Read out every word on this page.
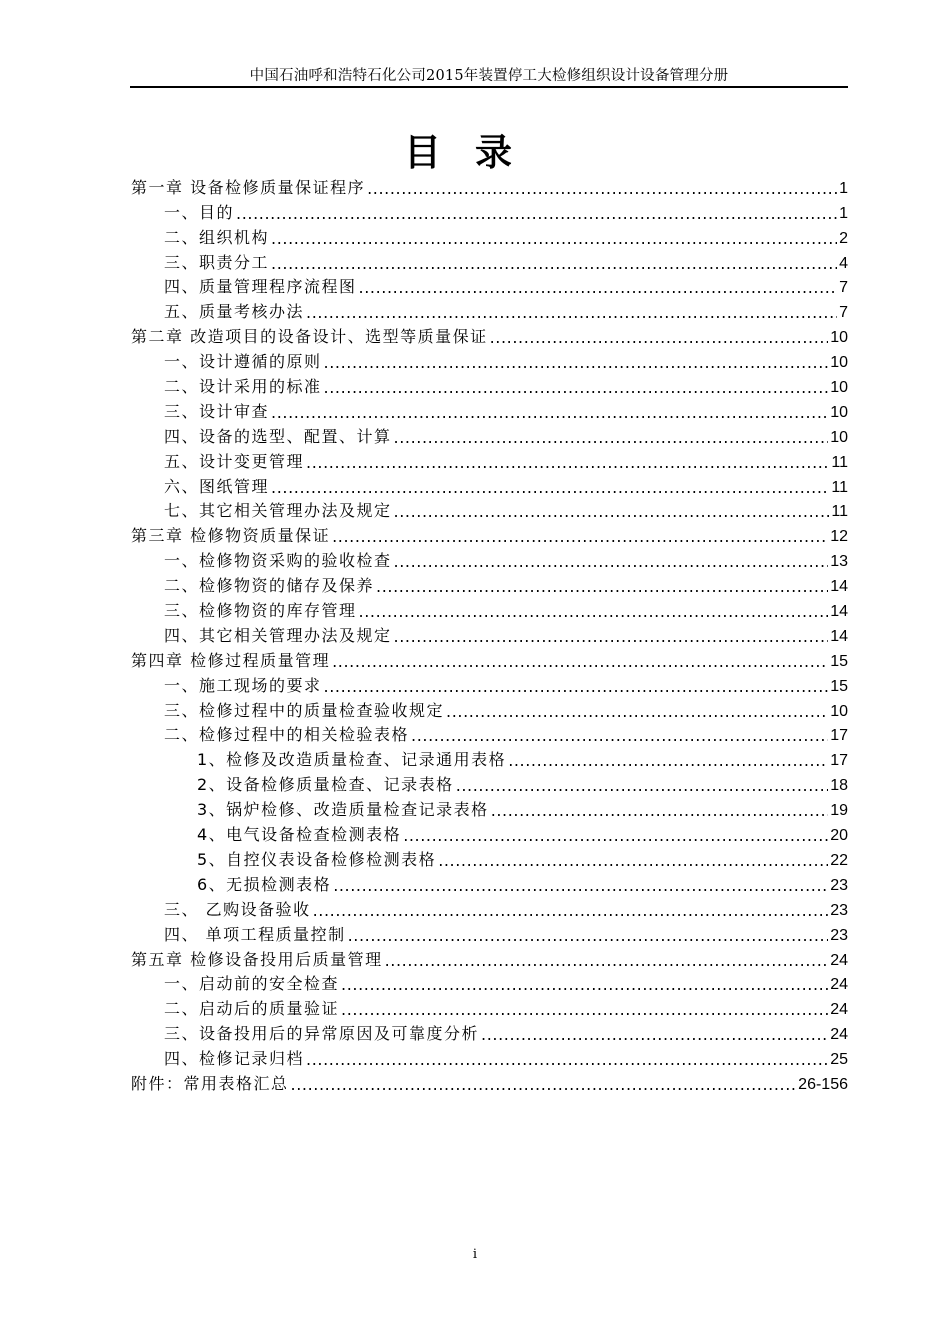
中国石油呼和浩特石化公司2015年装置停工大检修组织设计设备管理分册
目录
第一章 设备检修质量保证程序 .....	1
一、目的 .....	1
二、组织机构 .....	2
三、职责分工 .....	4
四、质量管理程序流程图 .....	7
五、质量考核办法 .....	7
第二章 改造项目的设备设计、选型等质量保证 .....	10
一、设计遵循的原则 .....	10
二、设计采用的标准 .....	10
三、设计审查 .....	10
四、设备的选型、配置、计算 .....	10
五、设计变更管理 .....	11
六、图纸管理 .....	11
七、其它相关管理办法及规定 .....	11
第三章 检修物资质量保证 .....	12
一、检修物资采购的验收检查 .....	13
二、检修物资的储存及保养 .....	14
三、检修物资的库存管理 .....	14
四、其它相关管理办法及规定 .....	14
第四章 检修过程质量管理 .....	15
一、施工现场的要求 .....	15
三、检修过程中的质量检查验收规定 .....	10
二、检修过程中的相关检验表格 .....	17
1、检修及改造质量检查、记录通用表格 .....	17
2、设备检修质量检查、记录表格 .....	18
3、锅炉检修、改造质量检查记录表格 .....	19
4、电气设备检查检测表格 .....	20
5、自控仪表设备检修检测表格 .....	22
6、无损检测表格 .....	23
三、 乙购设备验收 .....	23
四、 单项工程质量控制 .....	23
第五章 检修设备投用后质量管理 .....	24
一、启动前的安全检查 .....	24
二、启动后的质量验证 .....	24
三、设备投用后的异常原因及可靠度分析 .....	24
四、检修记录归档 .....	25
附件：常用表格汇总 .....	26-156
i
